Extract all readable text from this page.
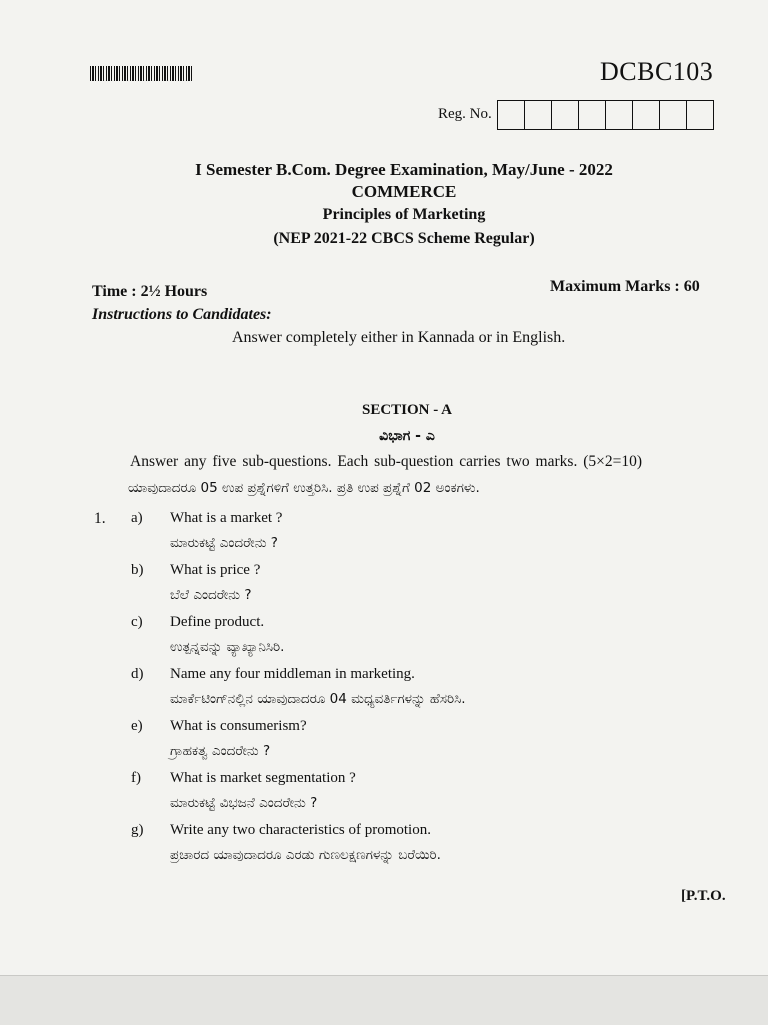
DCBC103
Reg. No.
I Semester B.Com. Degree Examination, May/June - 2022
COMMERCE
Principles of Marketing
(NEP 2021-22 CBCS Scheme Regular)
Time : 2½ Hours	Maximum Marks : 60
Instructions to Candidates:
Answer completely either in Kannada or in English.
SECTION - A
ವಿಭಾಗ - ಎ
Answer any five sub-questions. Each sub-question carries two marks. (5×2=10)
ಯಾವುದಾದರೂ 05 ಉಪ ಪ್ರಶ್ನೆಗಳಿಗೆ ಉತ್ತರಿಸಿ. ಪ್ರತಿ ಉಪ ಪ್ರಶ್ನೆಗೆ 02 ಅಂಕಗಳು.
1. a)	What is a market ?
ಮಾರುಕಟ್ಟೆ ಎಂದರೇನು ?
b)	What is price ?
ಬೆಲೆ ಎಂದರೇನು ?
c)	Define product.
ಉತ್ಪನ್ನವನ್ನು ವ್ಯಾಖ್ಯಾನಿಸಿರಿ.
d)	Name any four middleman in marketing.
ಮಾರ್ಕೆಟಿಂಗ್‌ನಲ್ಲಿನ ಯಾವುದಾದರೂ 04 ಮಧ್ಯವರ್ತಿಗಳನ್ನು ಹೆಸರಿಸಿ.
e)	What is consumerism?
ಗ್ರಾಹಕತ್ವ ಎಂದರೇನು ?
f)	What is market segmentation ?
ಮಾರುಕಟ್ಟೆ ವಿಭಜನೆ ಎಂದರೇನು ?
g)	Write any two characteristics of promotion.
ಪ್ರಚಾರದ ಯಾವುದಾದರೂ ಎರಡು ಗುಣಲಕ್ಷಣಗಳನ್ನು ಬರೆಯಿರಿ.
[P.T.O.
